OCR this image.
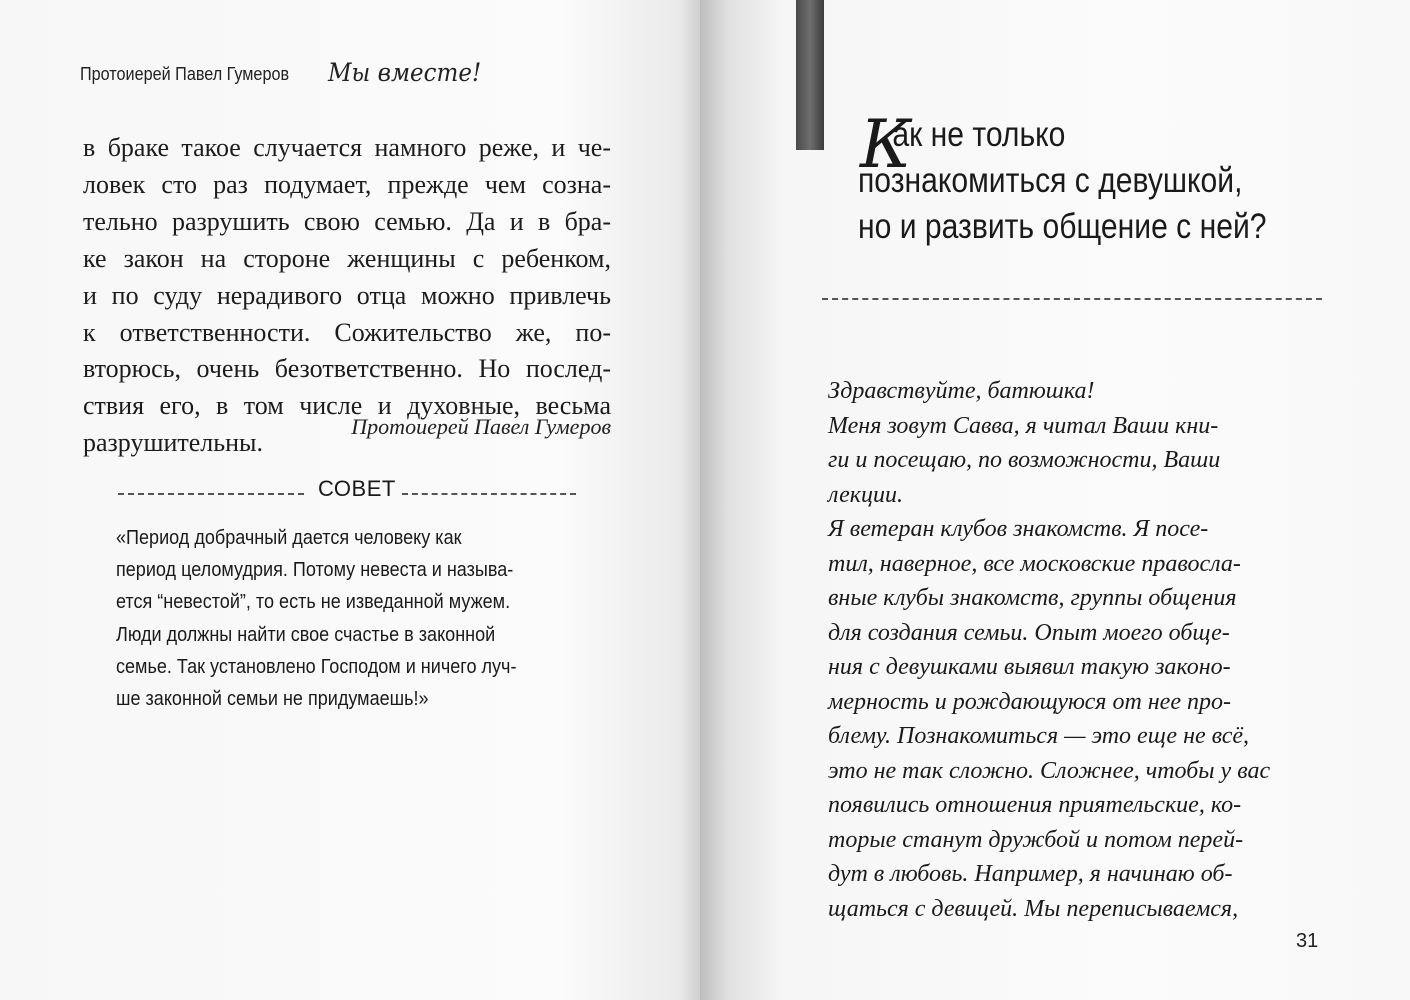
Протоиерей Павел Гумеров Мы вместе!
в браке такое случается намного реже, и че-
ловек сто раз подумает, прежде чем созна-
тельно разрушить свою семью. Да и в бра-
ке закон на стороне женщины с ребенком,
и по суду нерадивого отца можно привлечь
к ответственности. Сожительство же, по-
вторюсь, очень безответственно. Но послед-
ствия его, в том числе и духовные, весьма
разрушительны.
Протоиерей Павел Гумеров
СОВЕТ
«Период добрачный дается человеку как
период целомудрия. Потому невеста и называ-
ется “невестой”, то есть не изведанной мужем.
Люди должны найти свое счастье в законной
семье. Так установлено Господом и ничего луч-
ше законной семьи не придумаешь!»
К
ак не только
познакомиться с девушкой,
но и развить общение с ней?
Здравствуйте, батюшка!
Меня зовут Савва, я читал Ваши кни-
ги и посещаю, по возможности, Ваши
лекции.
Я ветеран клубов знакомств. Я посе-
тил, наверное, все московские правосла-
вные клубы знакомств, группы общения
для создания семьи. Опыт моего обще-
ния с девушками выявил такую законо-
мерность и рождающуюся от нее про-
блему. Познакомиться — это еще не всё,
это не так сложно. Сложнее, чтобы у вас
появились отношения приятельские, ко-
торые станут дружбой и потом перей-
дут в любовь. Например, я начинаю об-
щаться с девицей. Мы переписываемся,
31
